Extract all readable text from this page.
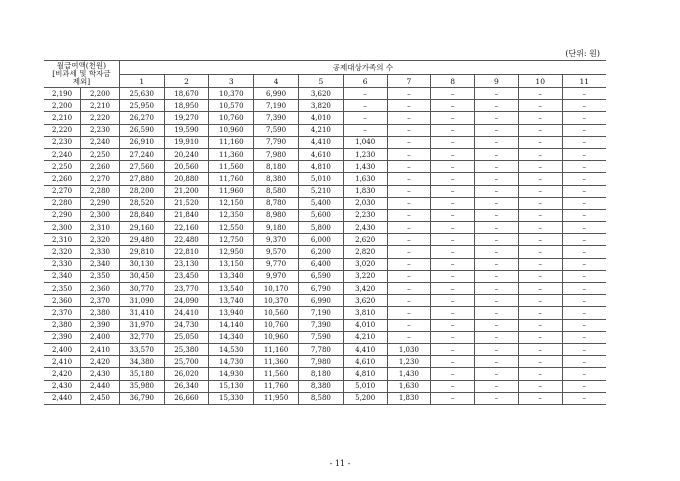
(단위: 원)
월급여액(천원)
[비과세 및 학자금
제외]		공제대상가족의 수										
		1	2	3	4	5	6	7	8	9	10	11
2,190	2,200	25,630	18,670	10,370	6,990	3,620	–	–	–	–	–	–
2,200	2,210	25,950	18,950	10,570	7,190	3,820	–	–	–	–	–	–
2,210	2,220	26,270	19,270	10,760	7,390	4,010	–	–	–	–	–	–
2,220	2,230	26,590	19,590	10,960	7,590	4,210	–	–	–	–	–	–
2,230	2,240	26,910	19,910	11,160	7,790	4,410	1,040	–	–	–	–	–
2,240	2,250	27,240	20,240	11,360	7,980	4,610	1,230	–	–	–	–	–
2,250	2,260	27,560	20,560	11,560	8,180	4,810	1,430	–	–	–	–	–
2,260	2,270	27,880	20,880	11,760	8,380	5,010	1,630	–	–	–	–	–
2,270	2,280	28,200	21,200	11,960	8,580	5,210	1,830	–	–	–	–	–
2,280	2,290	28,520	21,520	12,150	8,780	5,400	2,030	–	–	–	–	–
2,290	2,300	28,840	21,840	12,350	8,980	5,600	2,230	–	–	–	–	–
2,300	2,310	29,160	22,160	12,550	9,180	5,800	2,430	–	–	–	–	–
2,310	2,320	29,480	22,480	12,750	9,370	6,000	2,620	–	–	–	–	–
2,320	2,330	29,810	22,810	12,950	9,570	6,200	2,820	–	–	–	–	–
2,330	2,340	30,130	23,130	13,150	9,770	6,400	3,020	–	–	–	–	–
2,340	2,350	30,450	23,450	13,340	9,970	6,590	3,220	–	–	–	–	–
2,350	2,360	30,770	23,770	13,540	10,170	6,790	3,420	–	–	–	–	–
2,360	2,370	31,090	24,090	13,740	10,370	6,990	3,620	–	–	–	–	–
2,370	2,380	31,410	24,410	13,940	10,560	7,190	3,810	–	–	–	–	–
2,380	2,390	31,970	24,730	14,140	10,760	7,390	4,010	–	–	–	–	–
2,390	2,400	32,770	25,050	14,340	10,960	7,590	4,210	–	–	–	–	–
2,400	2,410	33,570	25,380	14,530	11,160	7,780	4,410	1,030	–	–	–	–
2,410	2,420	34,380	25,700	14,730	11,360	7,980	4,610	1,230	–	–	–	–
2,420	2,430	35,180	26,020	14,930	11,560	8,180	4,810	1,430	–	–	–	–
2,430	2,440	35,980	26,340	15,130	11,760	8,380	5,010	1,630	–	–	–	–
2,440	2,450	36,790	26,660	15,330	11,950	8,580	5,200	1,830	–	–	–	–
- 11 -
